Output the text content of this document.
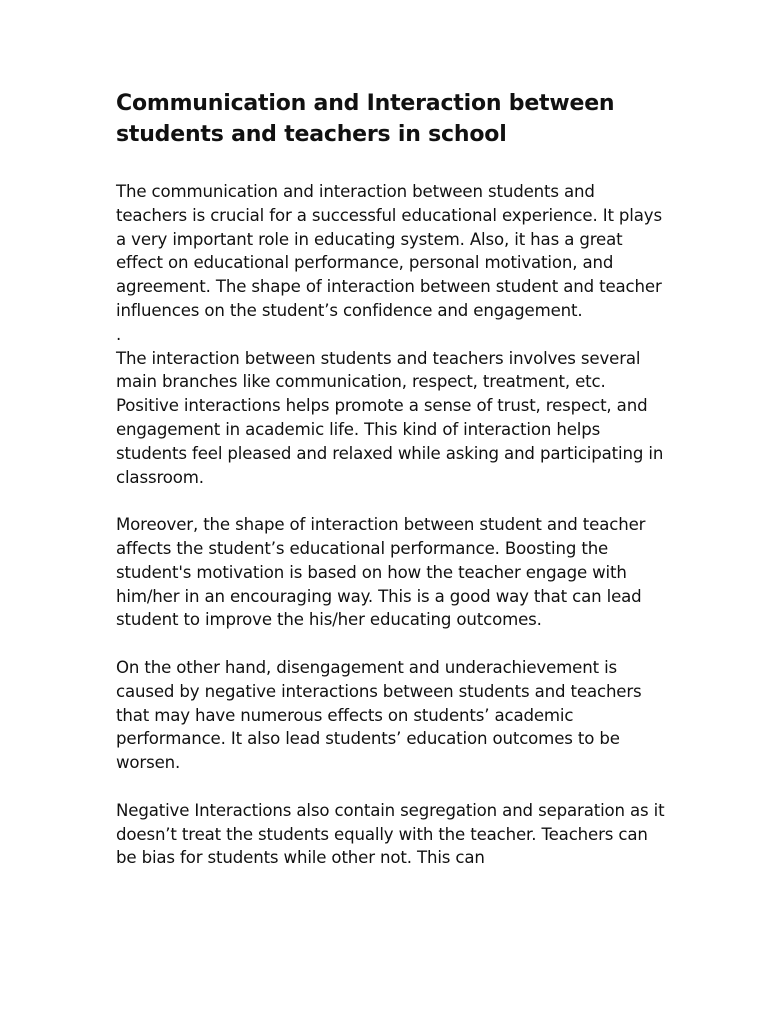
Communication and Interaction between students and teachers in school

The communication and interaction between students and teachers is crucial for a successful educational experience. It plays a very important role in educating system. Also, it has a great effect on educational performance, personal motivation, and agreement. The shape of interaction between student and teacher influences on the student’s confidence and engagement.

.

The interaction between students and teachers involves several main branches like communication, respect, treatment, etc. Positive interactions helps promote a sense of trust, respect, and engagement in academic life. This kind of interaction helps students feel pleased and relaxed while asking and participating in classroom.

Moreover, the shape of interaction between student and teacher affects the student’s educational performance. Boosting the student's motivation is based on how the teacher engage with him/her in an encouraging way. This is a good way that can lead student to improve the his/her educating outcomes.

On the other hand, disengagement and underachievement is caused by negative interactions between students and teachers that may have numerous effects on students’ academic performance. It also lead students’ education outcomes to be worsen.

Negative Interactions also contain segregation and separation as it doesn’t treat the students equally with the teacher. Teachers can be bias for students while other not. This can
